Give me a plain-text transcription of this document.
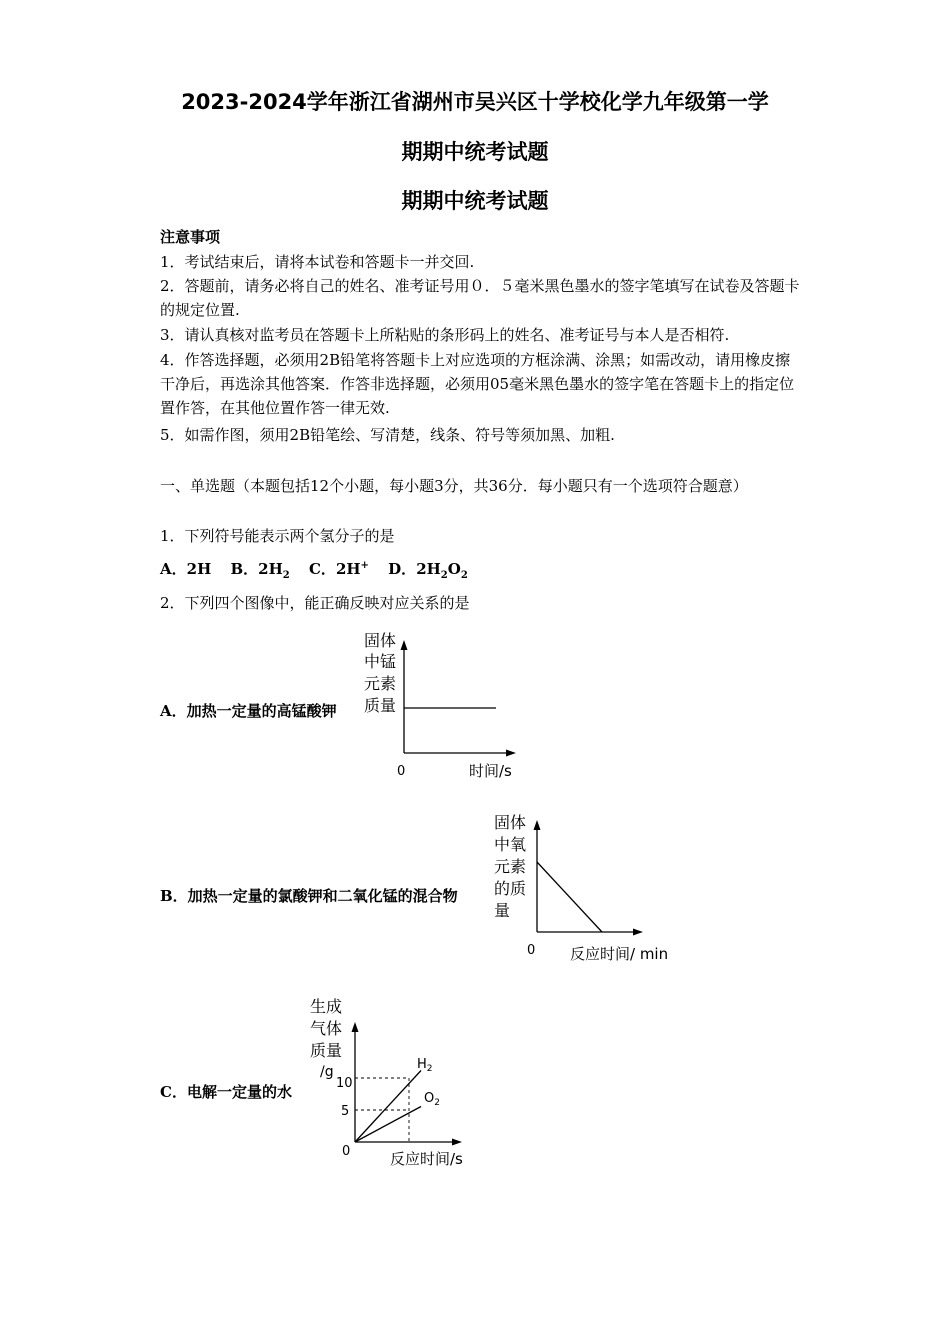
2023-2024学年浙江省湖州市吴兴区十学校化学九年级第一学
期期中统考试题
期期中统考试题
注意事项
1．考试结束后，请将本试卷和答题卡一并交回.
2．答题前，请务必将自己的姓名、准考证号用０．５毫米黑色墨水的签字笔填写在试卷及答题卡的规定位置.
3．请认真核对监考员在答题卡上所粘贴的条形码上的姓名、准考证号与本人是否相符.
4．作答选择题，必须用2B铅笔将答题卡上对应选项的方框涂满、涂黑；如需改动，请用橡皮擦干净后，再选涂其他答案．作答非选择题，必须用05毫米黑色墨水的签字笔在答题卡上的指定位置作答，在其他位置作答一律无效.
5．如需作图，须用2B铅笔绘、写清楚，线条、符号等须加黑、加粗.
一、单选题（本题包括12个小题，每小题3分，共36分．每小题只有一个选项符合题意）
1．下列符号能表示两个氢分子的是
A．2H B．$2H_2$ C．2H+ D．$2H_2O_2$
2．下列四个图像中，能正确反映对应关系的是
A．加热一定量的高锰酸钾
固体
中锰
元素
质量
0	时间/s
B．加热一定量的氯酸钾和二氧化锰的混合物
固体
中氧
元素
的质
量
0 反应时间/ min
C．电解一定量的水
生成
气体
质量
/g
10
5
$H_2$
$O_2$
0	反应时间/s
